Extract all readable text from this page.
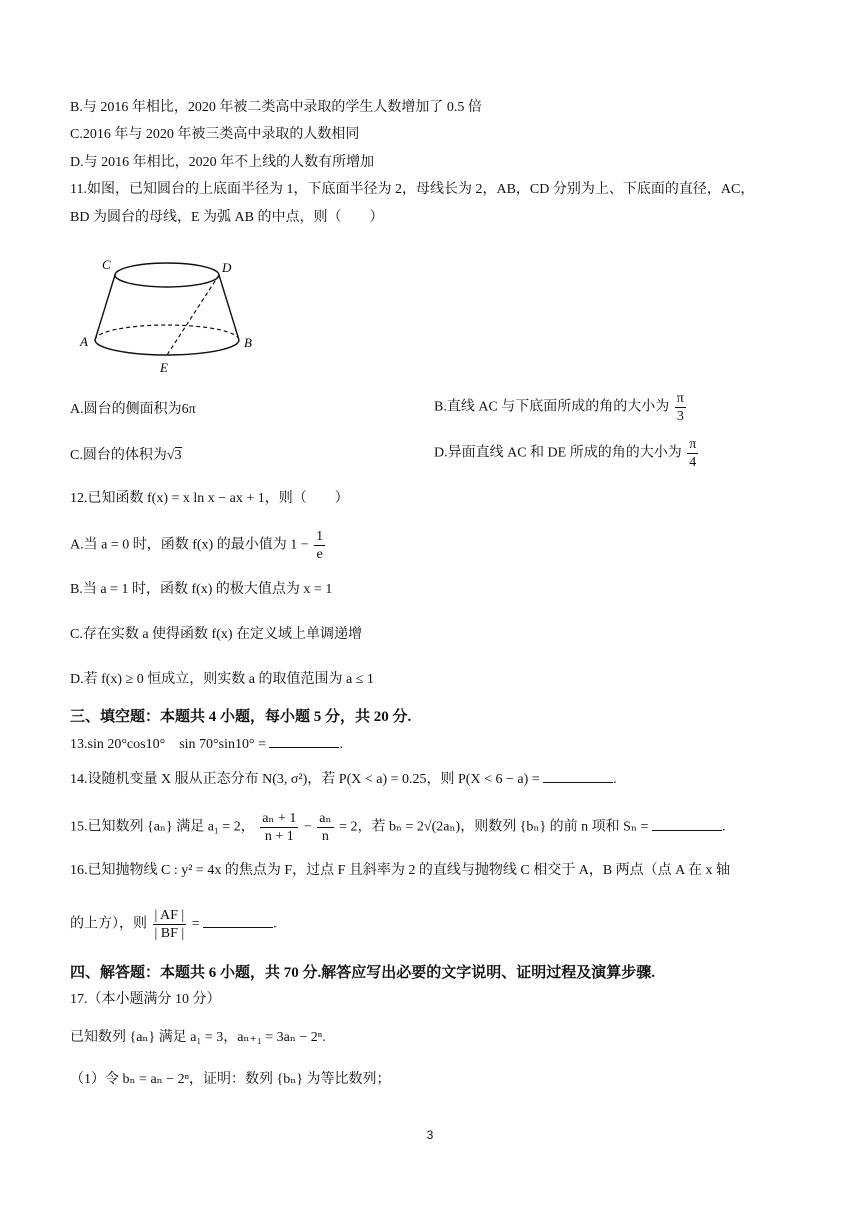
B.与 2016 年相比，2020 年被二类高中录取的学生人数增加了 0.5 倍
C.2016 年与 2020 年被三类高中录取的人数相同
D.与 2016 年相比，2020 年不上线的人数有所增加
11.如图，已知圆台的上底面半径为 1，下底面半径为 2，母线长为 2，AB，CD 分别为上、下底面的直径，AC，
BD 为圆台的母线，E 为弧 AB 的中点，则（　　）
C	D
A	B
E
A.圆台的侧面积为6π	B.直线 AC 与下底面所成的角的大小为 $\frac{\pi}{3}$
C.圆台的体积为√3	D.异面直线 AC 和 DE 所成的角的大小为 $\frac{\pi}{4}$
12.已知函数 f(x) = x ln x − ax + 1，则（　　）
A.当 a = 0 时，函数 f(x) 的最小值为 $1 - \frac{1}{e}$
B.当 a = 1 时，函数 f(x) 的极大值点为 x = 1
C.存在实数 a 使得函数 f(x) 在定义域上单调递增
D.若 f(x) ≥ 0 恒成立，则实数 a 的取值范围为 a ≤ 1
三、填空题：本题共 4 小题，每小题 5 分，共 20 分.
13.sin 20°cos10°　sin 70°sin10° =	.
14.设随机变量 X 服从正态分布 N(3, σ²)，若 P(X < a) = 0.25，则 P(X < 6 − a) =	.
15.已知数列 {aₙ} 满足 a₁ = 2， $\frac{\text{aₙ + 1}}{n + 1} - \frac{\text{aₙ}}{n} = 2$，若 bₙ = 2√(2aₙ)，则数列 {bₙ} 的前 n 项和 Sₙ =	.
16.已知抛物线 C : y² = 4x 的焦点为 F，过点 F 且斜率为 2 的直线与抛物线 C 相交于 A，B 两点（点 A 在 x 轴
的上方），则 $\frac{| AF |}{| BF |}$ =	.
四、解答题：本题共 6 小题，共 70 分.解答应写出必要的文字说明、证明过程及演算步骤.
17.（本小题满分 10 分）
已知数列 {aₙ} 满足 a₁ = 3，aₙ₊₁ = 3aₙ − 2ⁿ.
（1）令 bₙ = aₙ − 2ⁿ，证明：数列 {bₙ} 为等比数列；
3
